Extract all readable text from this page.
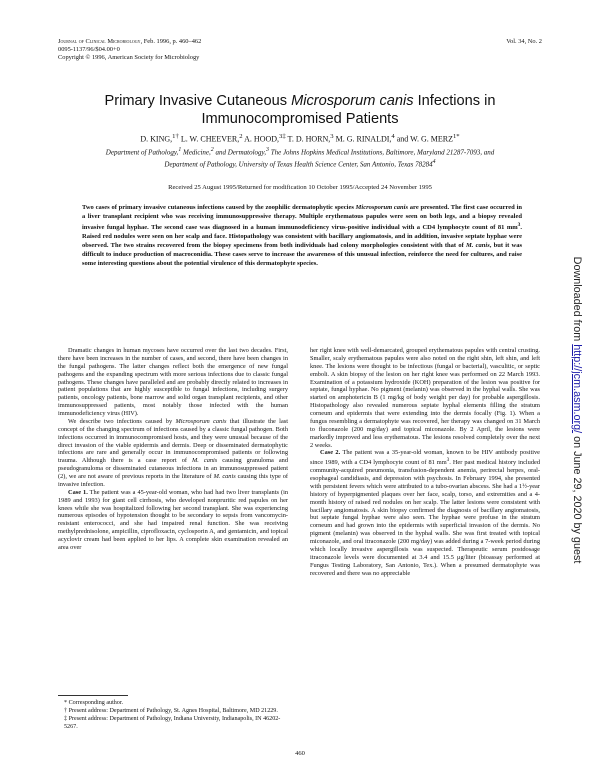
Journal of Clinical Microbiology, Feb. 1996, p. 460–462
0095-1137/96/$04.00+0
Copyright © 1996, American Society for Microbiology
Vol. 34, No. 2
Primary Invasive Cutaneous Microsporum canis Infections in Immunocompromised Patients
D. KING,$^{1\dagger}$ L. W. CHEEVER,$^2$ A. HOOD,$^{3\ddagger}$ T. D. HORN,$^3$ M. G. RINALDI,$^4$ and W. G. $MERZ^{1*}$
Department of Pathology,$^1$ Medicine,$^2$ and Dermatology,$^3$ The Johns Hopkins Medical Institutions, Baltimore, Maryland 21287-7093, and Department of Pathology, University of Texas Health Science Center, San Antonio, Texas 78284$^4$
Received 25 August 1995/Returned for modification 10 October 1995/Accepted 24 November 1995
Two cases of primary invasive cutaneous infections caused by the zoophilic dermatophytic species Microsporum canis are presented. The first case occurred in a liver transplant recipient who was receiving immunosuppressive therapy. Multiple erythematous papules were seen on both legs, and a biopsy revealed invasive fungal hyphae. The second case was diagnosed in a human immunodeficiency virus-positive individual with a CD4 lymphocyte count of 81 $mm^3$. Raised red nodules were seen on her scalp and face. Histopathology was consistent with bacillary angiomatosis, and in addition, invasive septate hyphae were observed. The two strains recovered from the biopsy specimens from both individuals had colony morphologies consistent with that of M. canis, but it was difficult to induce production of macroconidia. These cases serve to increase the awareness of this unusual infection, reinforce the need for cultures, and raise some interesting questions about the potential virulence of this dermatophyte species.

Dramatic changes in human mycoses have occurred over the last two decades. First, there have been increases in the number of cases, and second, there have been changes in the fungal pathogens. The latter changes reflect both the emergence of new fungal pathogens and the expanding spectrum with more serious infections due to classic fungal pathogens. These changes have paralleled and are probably directly related to increases in patient populations that are highly susceptible to fungal infections, including surgery patients, oncology patients, bone marrow and solid organ transplant recipients, and other immunosuppressed patients, most notably those infected with the human immunodeficiency virus (HIV).

We describe two infections caused by Microsporum canis that illustrate the last concept of the changing spectrum of infections caused by a classic fungal pathogen. Both infections occurred in immunocompromised hosts, and they were unusual because of the direct invasion of the viable epidermis and dermis. Deep or disseminated dermatophytic infections are rare and generally occur in immunocompromised patients or following trauma. Although there is a case report of M. canis causing granuloma and pseudogranuloma or disseminated cutaneous infections in an immunosuppressed patient (2), we are not aware of previous reports in the literature of M. canis causing this type of invasive infection.

Case 1. The patient was a 45-year-old woman, who had had two liver transplants (in 1989 and 1993) for giant cell cirrhosis, who developed nonpruritic red papules on her knees while she was hospitalized following her second transplant. She was experiencing numerous episodes of hypotension thought to be secondary to sepsis from vancomycin-resistant enterococci, and she had impaired renal function. She was receiving methylprednisolone, ampicillin, ciprofloxacin, cyclosporin A, and gentamicin, and topical acyclovir cream had been applied to her lips. A complete skin examination revealed an area over

* Corresponding author.

† Present address: Department of Pathology, St. Agnes Hospital, Baltimore, MD 21229.

‡ Present address: Department of Pathology, Indiana University, Indianapolis, IN 46202-5267.

her right knee with well-demarcated, grouped erythematous papules with central crusting. Smaller, scaly erythematous papules were also noted on the right shin, left shin, and left knee. The lesions were thought to be infectious (fungal or bacterial), vasculitic, or septic emboli. A skin biopsy of the lesion on her right knee was performed on 22 March 1993. Examination of a potassium hydroxide (KOH) preparation of the lesion was positive for septate, fungal hyphae. No pigment (melanin) was observed in the hyphal walls. She was started on amphotericin B (1 mg/kg of body weight per day) for probable aspergillosis. Histopathology also revealed numerous septate hyphal elements filling the stratum corneum and epidermis that were extending into the dermis focally (Fig. 1). When a fungus resembling a dermatophyte was recovered, her therapy was changed on 31 March to fluconazole (200 mg/day) and topical miconazole. By 2 April, the lesions were markedly improved and less erythematous. The lesions resolved completely over the next 2 weeks.

Case 2. The patient was a 35-year-old woman, known to be HIV antibody positive since 1989, with a CD4 lymphocyte count of 81 $mm^3$. Her past medical history included community-acquired pneumonia, transfusion-dependent anemia, perirectal herpes, oral-esophageal candidiasis, and depression with psychosis. In February 1994, she presented with persistent fevers which were attributed to a tubo-ovarian abscess. She had a 1½-year history of hyperpigmented plaques over her face, scalp, torso, and extremities and a 4-month history of raised red nodules on her scalp. The latter lesions were consistent with bacillary angiomatosis. A skin biopsy confirmed the diagnosis of bacillary angiomatosis, but septate fungal hyphae were also seen. The hyphae were profuse in the stratum corneum and had grown into the epidermis with superficial invasion of the dermis. No pigment (melanin) was observed in the hyphal walls. She was first treated with topical miconazole, and oral itraconazole (200 mg/day) was added during a 7-week period during which locally invasive aspergillosis was suspected. Therapeutic serum postdosage itraconazole levels were documented at 3.4 and 15.5 μg/liter (bioassay performed at Fungus Testing Laboratory, San Antonio, Tex.). When a presumed dermatophyte was recovered and there was no appreciable

460
Downloaded from http://jcm.asm.org/ on June 29, 2020 by guest
